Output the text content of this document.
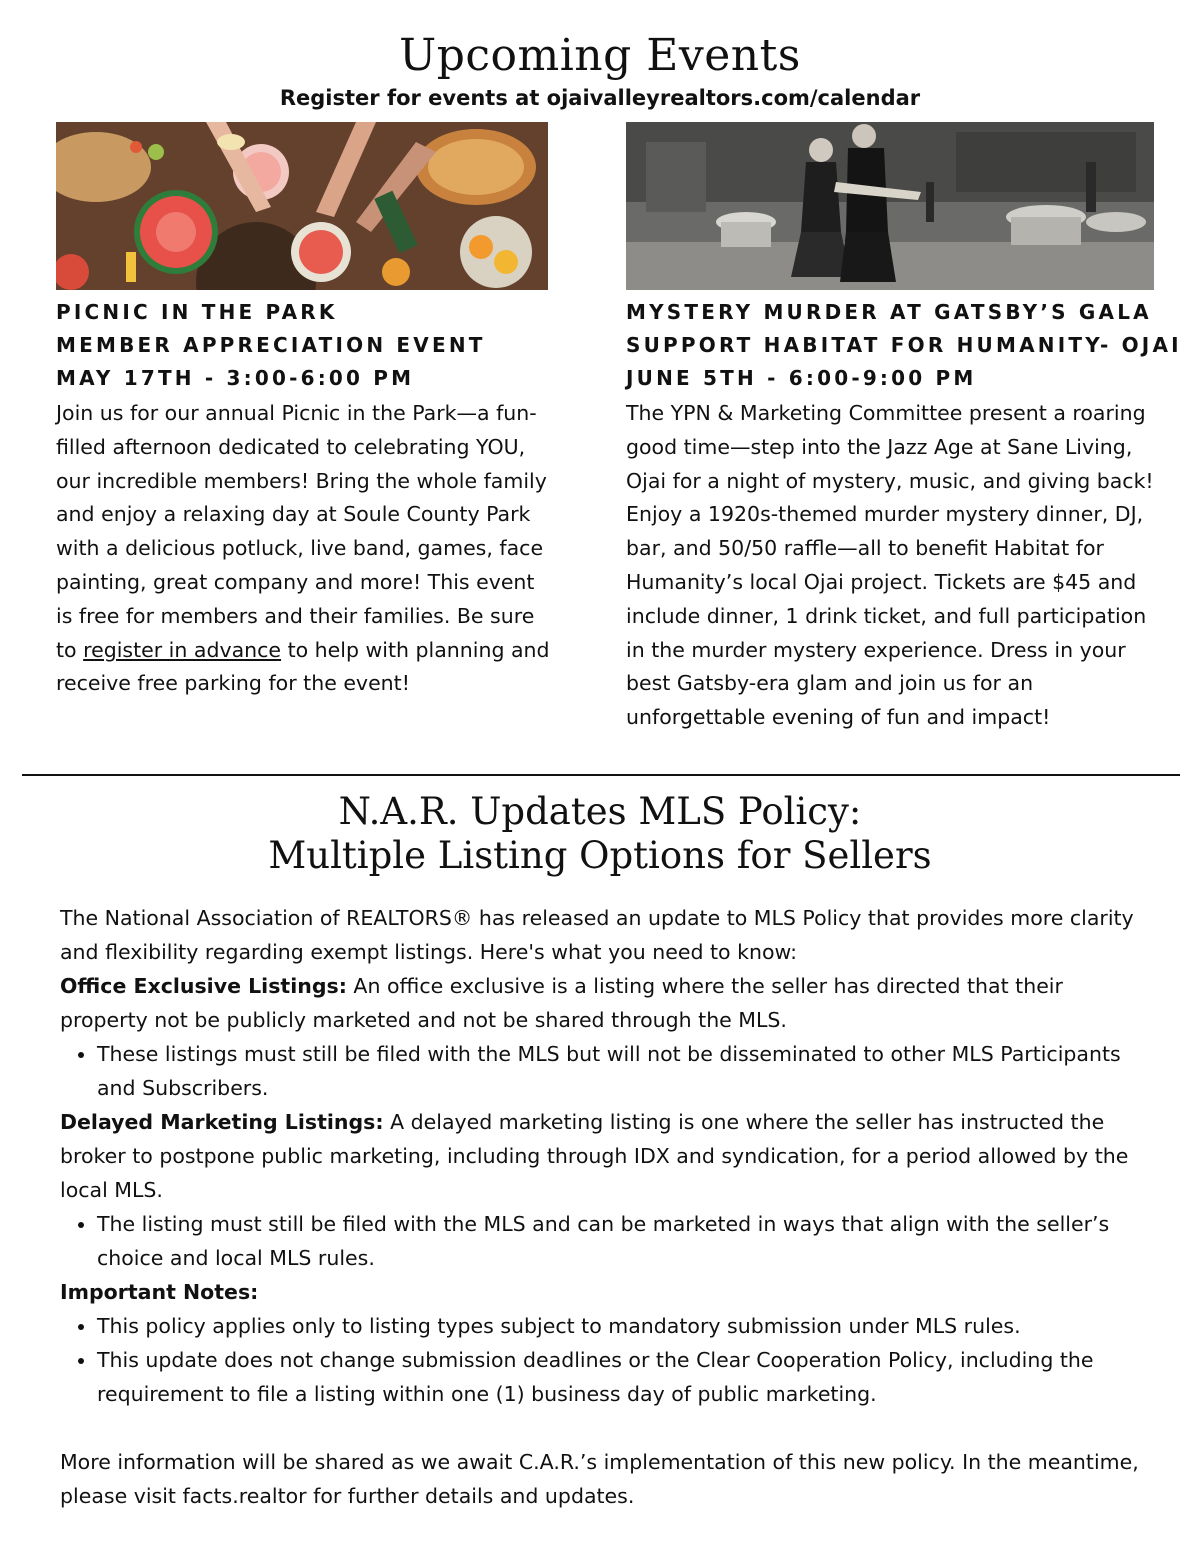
Upcoming Events
Register for events at ojaivalleyrealtors.com/calendar
PICNIC IN THE PARK
MEMBER APPRECIATION EVENT
MAY 17TH - 3:00-6:00 PM
Join us for our annual Picnic in the Park—a fun-filled afternoon dedicated to celebrating YOU, our incredible members! Bring the whole family and enjoy a relaxing day at Soule County Park with a delicious potluck, live band, games, face painting, great company and more! This event is free for members and their families. Be sure to register in advance to help with planning and receive free parking for the event!
MYSTERY MURDER AT GATSBY’S GALA
SUPPORT HABITAT FOR HUMANITY- OJAI
JUNE 5TH - 6:00-9:00 PM
The YPN & Marketing Committee present a roaring good time—step into the Jazz Age at Sane Living, Ojai for a night of mystery, music, and giving back! Enjoy a 1920s-themed murder mystery dinner, DJ, bar, and 50/50 raffle—all to benefit Habitat for Humanity’s local Ojai project. Tickets are $45 and include dinner, 1 drink ticket, and full participation in the murder mystery experience. Dress in your best Gatsby-era glam and join us for an unforgettable evening of fun and impact!
N.A.R. Updates MLS Policy:
Multiple Listing Options for Sellers

The National Association of REALTORS® has released an update to MLS Policy that provides more clarity and flexibility regarding exempt listings. Here's what you need to know:

Office Exclusive Listings: An office exclusive is a listing where the seller has directed that their property not be publicly marketed and not be shared through the MLS.

• These listings must still be filed with the MLS but will not be disseminated to other MLS Participants and Subscribers.

Delayed Marketing Listings: A delayed marketing listing is one where the seller has instructed the broker to postpone public marketing, including through IDX and syndication, for a period allowed by the local MLS.

• The listing must still be filed with the MLS and can be marketed in ways that align with the seller’s choice and local MLS rules.

Important Notes:

• This policy applies only to listing types subject to mandatory submission under MLS rules.
• This update does not change submission deadlines or the Clear Cooperation Policy, including the requirement to file a listing within one (1) business day of public marketing.

More information will be shared as we await C.A.R.’s implementation of this new policy. In the meantime, please visit facts.realtor for further details and updates.
